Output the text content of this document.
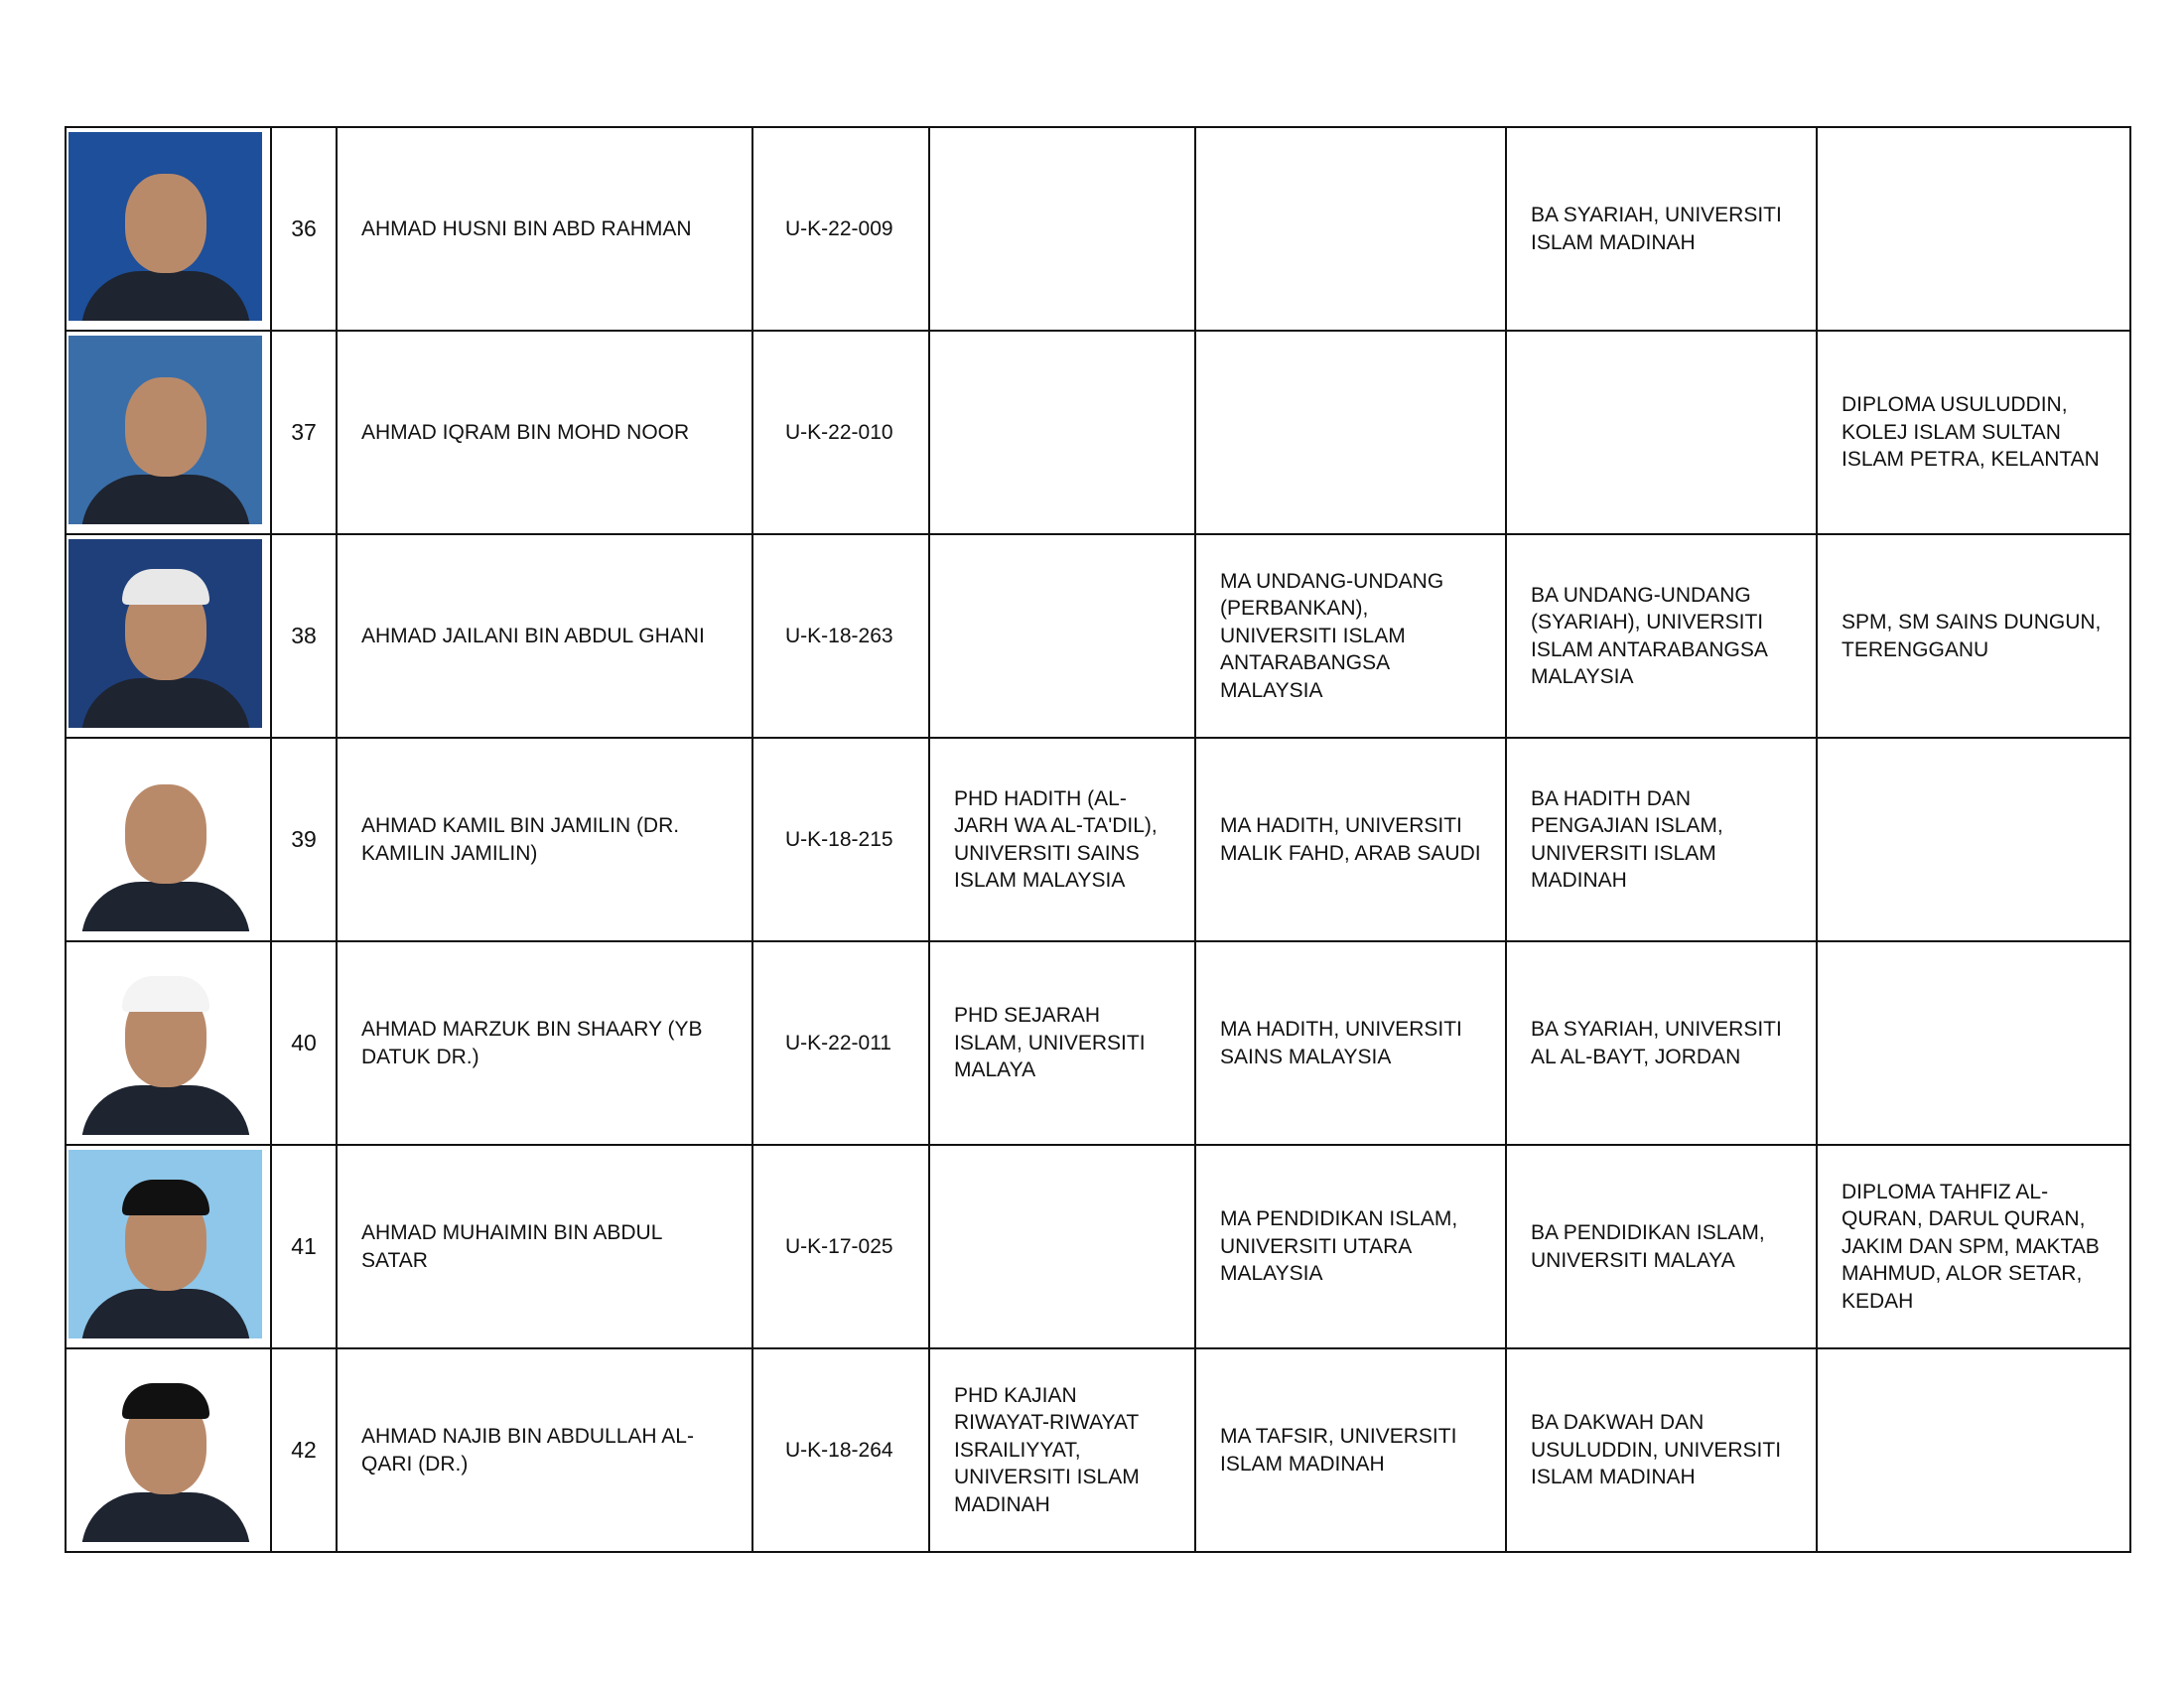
	36	AHMAD HUSNI BIN ABD RAHMAN	U-K-22-009			BA SYARIAH, UNIVERSITI ISLAM MADINAH	

	37	AHMAD IQRAM BIN MOHD NOOR	U-K-22-010				DIPLOMA USULUDDIN, KOLEJ ISLAM SULTAN ISLAM PETRA, KELANTAN

	38	AHMAD JAILANI BIN ABDUL GHANI	U-K-18-263		MA UNDANG-UNDANG (PERBANKAN), UNIVERSITI ISLAM ANTARABANGSA MALAYSIA	BA UNDANG-UNDANG (SYARIAH), UNIVERSITI ISLAM ANTARABANGSA MALAYSIA	SPM, SM SAINS DUNGUN, TERENGGANU

	39	AHMAD KAMIL BIN JAMILIN (DR. KAMILIN JAMILIN)	U-K-18-215	PHD HADITH (AL-JARH WA AL-TA'DIL), UNIVERSITI SAINS ISLAM MALAYSIA	MA HADITH, UNIVERSITI MALIK FAHD, ARAB SAUDI	BA HADITH DAN PENGAJIAN ISLAM, UNIVERSITI ISLAM MADINAH	

	40	AHMAD MARZUK BIN SHAARY (YB DATUK DR.)	U-K-22-011	PHD SEJARAH ISLAM, UNIVERSITI MALAYA	MA HADITH, UNIVERSITI SAINS MALAYSIA	BA SYARIAH, UNIVERSITI AL AL-BAYT, JORDAN	

	41	AHMAD MUHAIMIN BIN ABDUL SATAR	U-K-17-025		MA PENDIDIKAN ISLAM, UNIVERSITI UTARA MALAYSIA	BA PENDIDIKAN ISLAM, UNIVERSITI MALAYA	DIPLOMA TAHFIZ AL-QURAN, DARUL QURAN, JAKIM DAN SPM, MAKTAB MAHMUD, ALOR SETAR, KEDAH

	42	AHMAD NAJIB BIN ABDULLAH AL-QARI (DR.)	U-K-18-264	PHD KAJIAN RIWAYAT-RIWAYAT ISRAILIYYAT, UNIVERSITI ISLAM MADINAH	MA TAFSIR, UNIVERSITI ISLAM MADINAH	BA DAKWAH DAN USULUDDIN, UNIVERSITI ISLAM MADINAH	
